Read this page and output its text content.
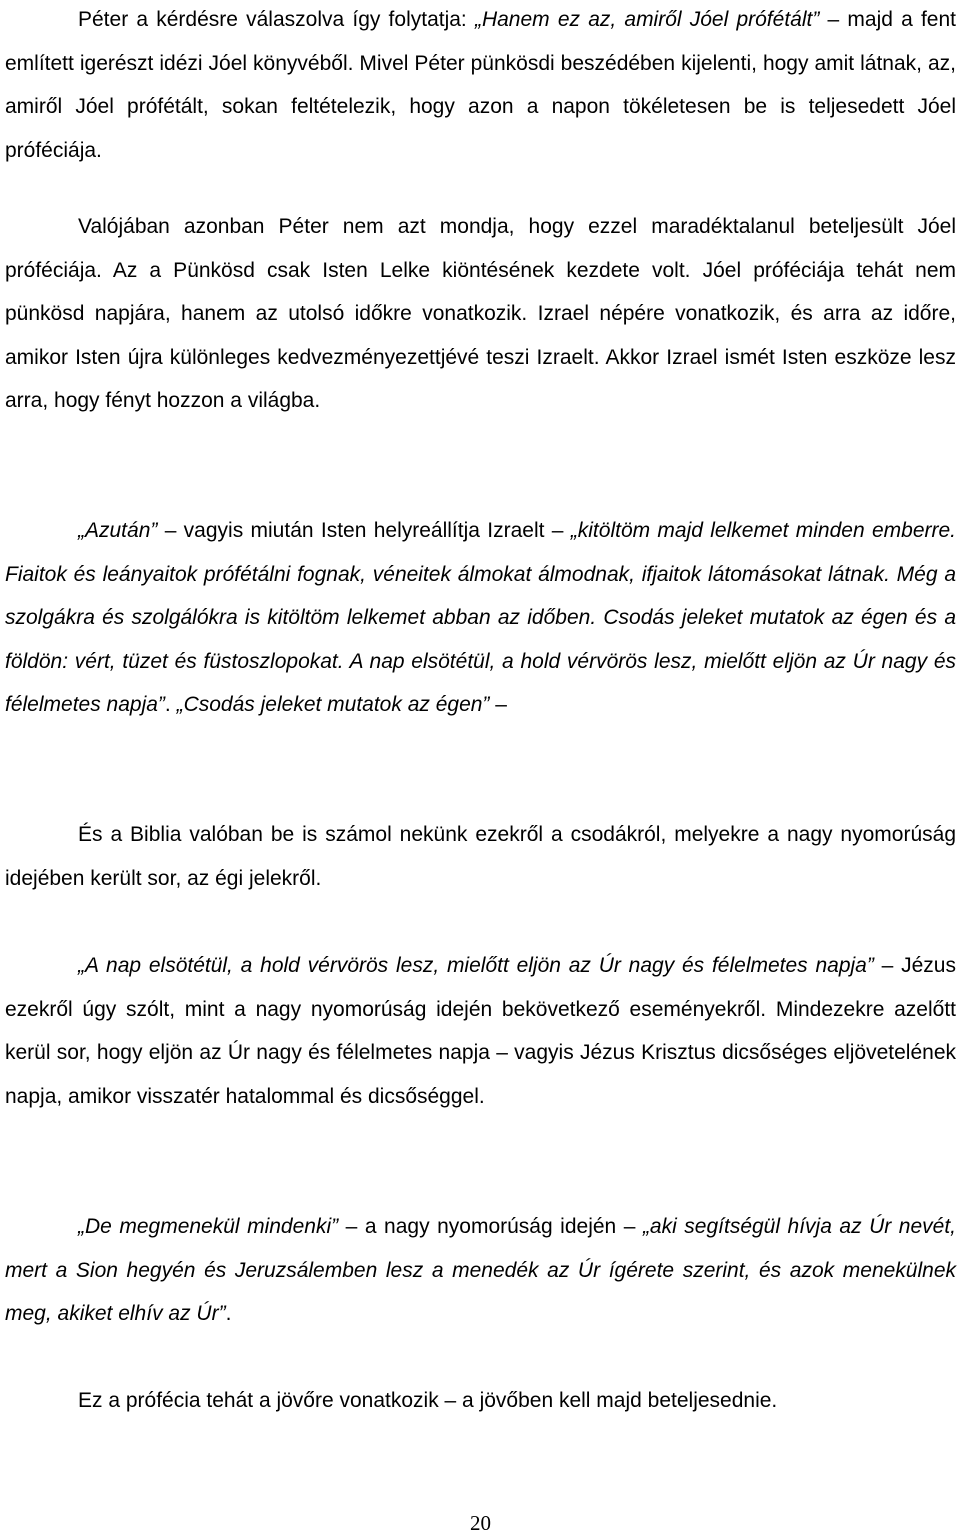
Péter a kérdésre válaszolva így folytatja: „Hanem ez az, amiről Jóel prófétált” – majd a fent említett igerészt idézi Jóel könyvéből. Mivel Péter pünkösdi beszédében kijelenti, hogy amit látnak, az, amiről Jóel prófétált, sokan feltételezik, hogy azon a napon tökéletesen be is teljesedett Jóel próféciája.

Valójában azonban Péter nem azt mondja, hogy ezzel maradéktalanul beteljesült Jóel próféciája. Az a Pünkösd csak Isten Lelke kiöntésének kezdete volt. Jóel próféciája tehát nem pünkösd napjára, hanem az utolsó időkre vonatkozik. Izrael népére vonatkozik, és arra az időre, amikor Isten újra különleges kedvezményezettjévé teszi Izraelt. Akkor Izrael ismét Isten eszköze lesz arra, hogy fényt hozzon a világba.

„Azután” – vagyis miután Isten helyreállítja Izraelt – „kitöltöm majd lelkemet minden emberre. Fiaitok és leányaitok prófétálni fognak, véneitek álmokat álmodnak, ifjaitok látomásokat látnak. Még a szolgákra és szolgálókra is kitöltöm lelkemet abban az időben. Csodás jeleket mutatok az égen és a földön: vért, tüzet és füstoszlopokat. A nap elsötétül, a hold vérvörös lesz, mielőtt eljön az Úr nagy és félelmetes napja”. „Csodás jeleket mutatok az égen” –

És a Biblia valóban be is számol nekünk ezekről a csodákról, melyekre a nagy nyomorúság idejében került sor, az égi jelekről.

„A nap elsötétül, a hold vérvörös lesz, mielőtt eljön az Úr nagy és félelmetes napja” – Jézus ezekről úgy szólt, mint a nagy nyomorúság idején bekövetkező eseményekről. Mindezekre azelőtt kerül sor, hogy eljön az Úr nagy és félelmetes napja – vagyis Jézus Krisztus dicsőséges eljövetelének napja, amikor visszatér hatalommal és dicsőséggel.

„De megmenekül mindenki” – a nagy nyomorúság idején – „aki segítségül hívja az Úr nevét, mert a Sion hegyén és Jeruzsálemben lesz a menedék az Úr ígérete szerint, és azok menekülnek meg, akiket elhív az Úr”.

Ez a prófécia tehát a jövőre vonatkozik – a jövőben kell majd beteljesednie.

20
